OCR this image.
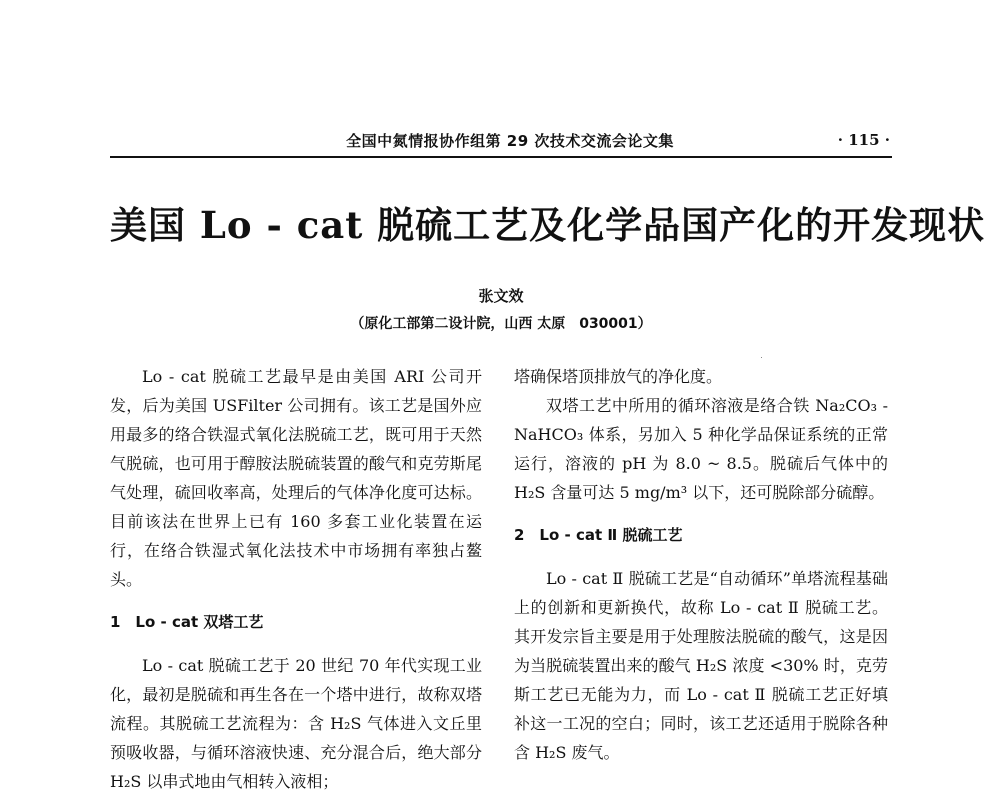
全国中氮情报协作组第 29 次技术交流会论文集	· 115 ·
美国 Lo - cat 脱硫工艺及化学品国产化的开发现状
张文效
（原化工部第二设计院，山西 太原　030001）

Lo - cat 脱硫工艺最早是由美国 ARI 公司开发，后为美国 USFilter 公司拥有。该工艺是国外应用最多的络合铁湿式氧化法脱硫工艺，既可用于天然气脱硫，也可用于醇胺法脱硫装置的酸气和克劳斯尾气处理，硫回收率高，处理后的气体净化度可达标。目前该法在世界上已有 160 多套工业化装置在运行，在络合铁湿式氧化法技术中市场拥有率独占鳌头。

1　Lo - cat 双塔工艺

Lo - cat 脱硫工艺于 20 世纪 70 年代实现工业化，最初是脱硫和再生各在一个塔中进行，故称双塔流程。其脱硫工艺流程为：含 H₂S 气体进入文丘里预吸收器，与循环溶液快速、充分混合后，绝大部分 H₂S 以串式地由气相转入液相；

塔确保塔顶排放气的净化度。

双塔工艺中所用的循环溶液是络合铁 Na₂CO₃ - NaHCO₃ 体系，另加入 5 种化学品保证系统的正常运行，溶液的 pH 为 8.0 ~ 8.5。脱硫后气体中的 H₂S 含量可达 5 mg/m³ 以下，还可脱除部分硫醇。

2　Lo - cat Ⅱ 脱硫工艺

Lo - cat Ⅱ 脱硫工艺是“自动循环”单塔流程基础上的创新和更新换代，故称 Lo - cat Ⅱ 脱硫工艺。其开发宗旨主要是用于处理胺法脱硫的酸气，这是因为当脱硫装置出来的酸气 H₂S 浓度 <30% 时，克劳斯工艺已无能为力，而 Lo - cat Ⅱ 脱硫工艺正好填补这一工况的空白；同时，该工艺还适用于脱除各种含 H₂S 废气。
